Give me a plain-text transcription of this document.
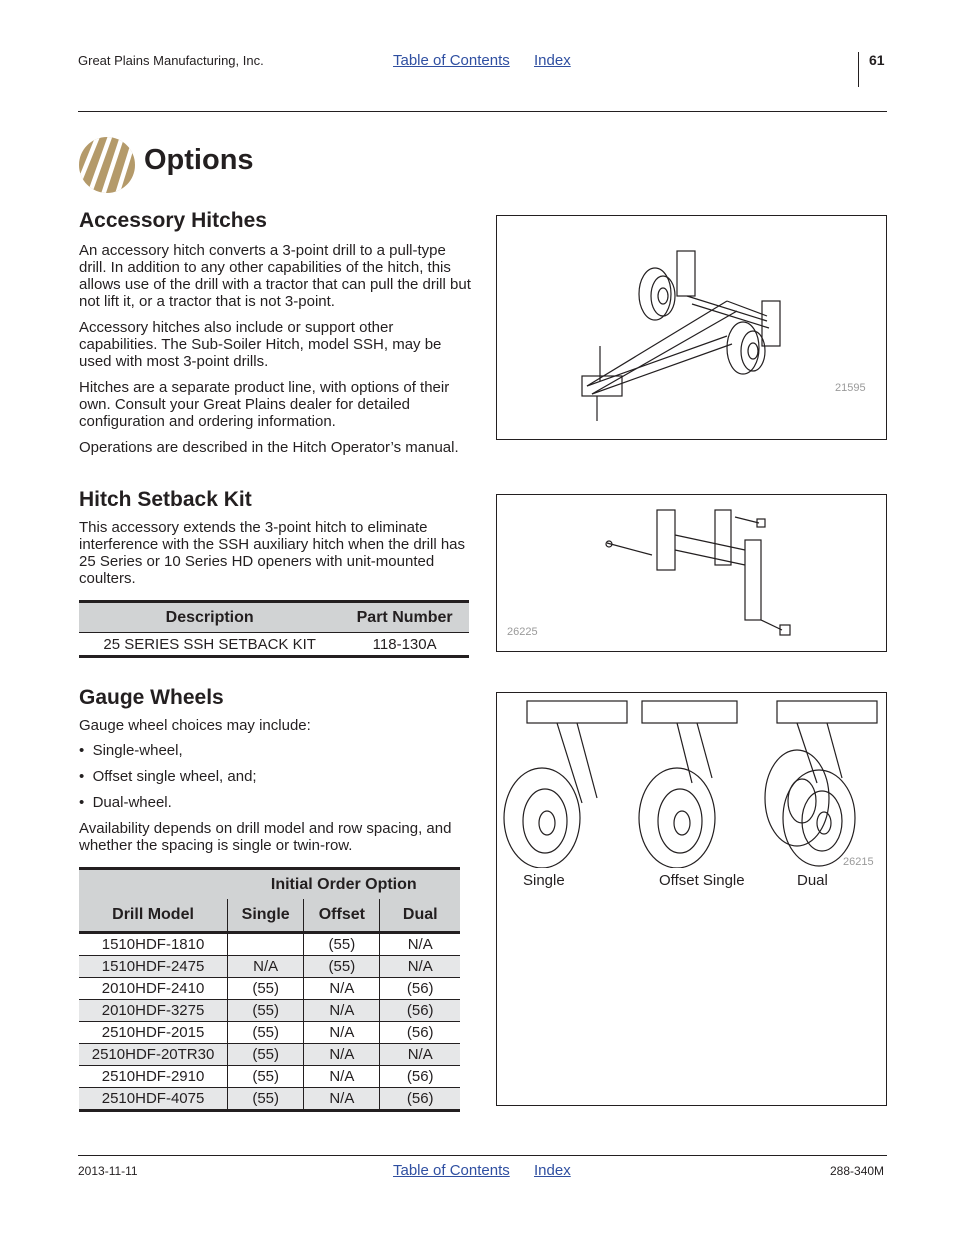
Great Plains Manufacturing, Inc.	Table of Contents Index	61
Options
Accessory Hitches

An accessory hitch converts a 3-point drill to a pull-type drill. In addition to any other capabilities of the hitch, this allows use of the drill with a tractor that can pull the drill but not lift it, or a tractor that is not 3-point.

Accessory hitches also include or support other capabilities. The Sub-Soiler Hitch, model SSH, may be used with most 3-point drills.

Hitches are a separate product line, with options of their own. Consult your Great Plains dealer for detailed configuration and ordering information.

Operations are described in the Hitch Operator’s manual.

21595
Hitch Setback Kit

This accessory extends the 3-point hitch to eliminate interference with the SSH auxiliary hitch when the drill has 25 Series or 10 Series HD openers with unit-mounted coulters.

Description	Part Number
25 SERIES SSH SETBACK KIT	118-130A
26225
Gauge Wheels
Gauge wheel choices may include:
•  Single-wheel,
•  Offset single wheel, and;
•  Dual-wheel.

Availability depends on drill model and row spacing, and whether the spacing is single or twin-row.

	Initial Order Option		
Drill Model	Single	Offset	Dual
1510HDF-1810		(55)	N/A
1510HDF-2475	N/A	(55)	N/A
2010HDF-2410	(55)	N/A	(56)
2010HDF-3275	(55)	N/A	(56)
2510HDF-2015	(55)	N/A	(56)
2510HDF-20TR30	(55)	N/A	N/A
2510HDF-2910	(55)	N/A	(56)
2510HDF-4075	(55)	N/A	(56)
26215
Single	Offset Single	Dual
2013-11-11	Table of Contents Index	288-340M
